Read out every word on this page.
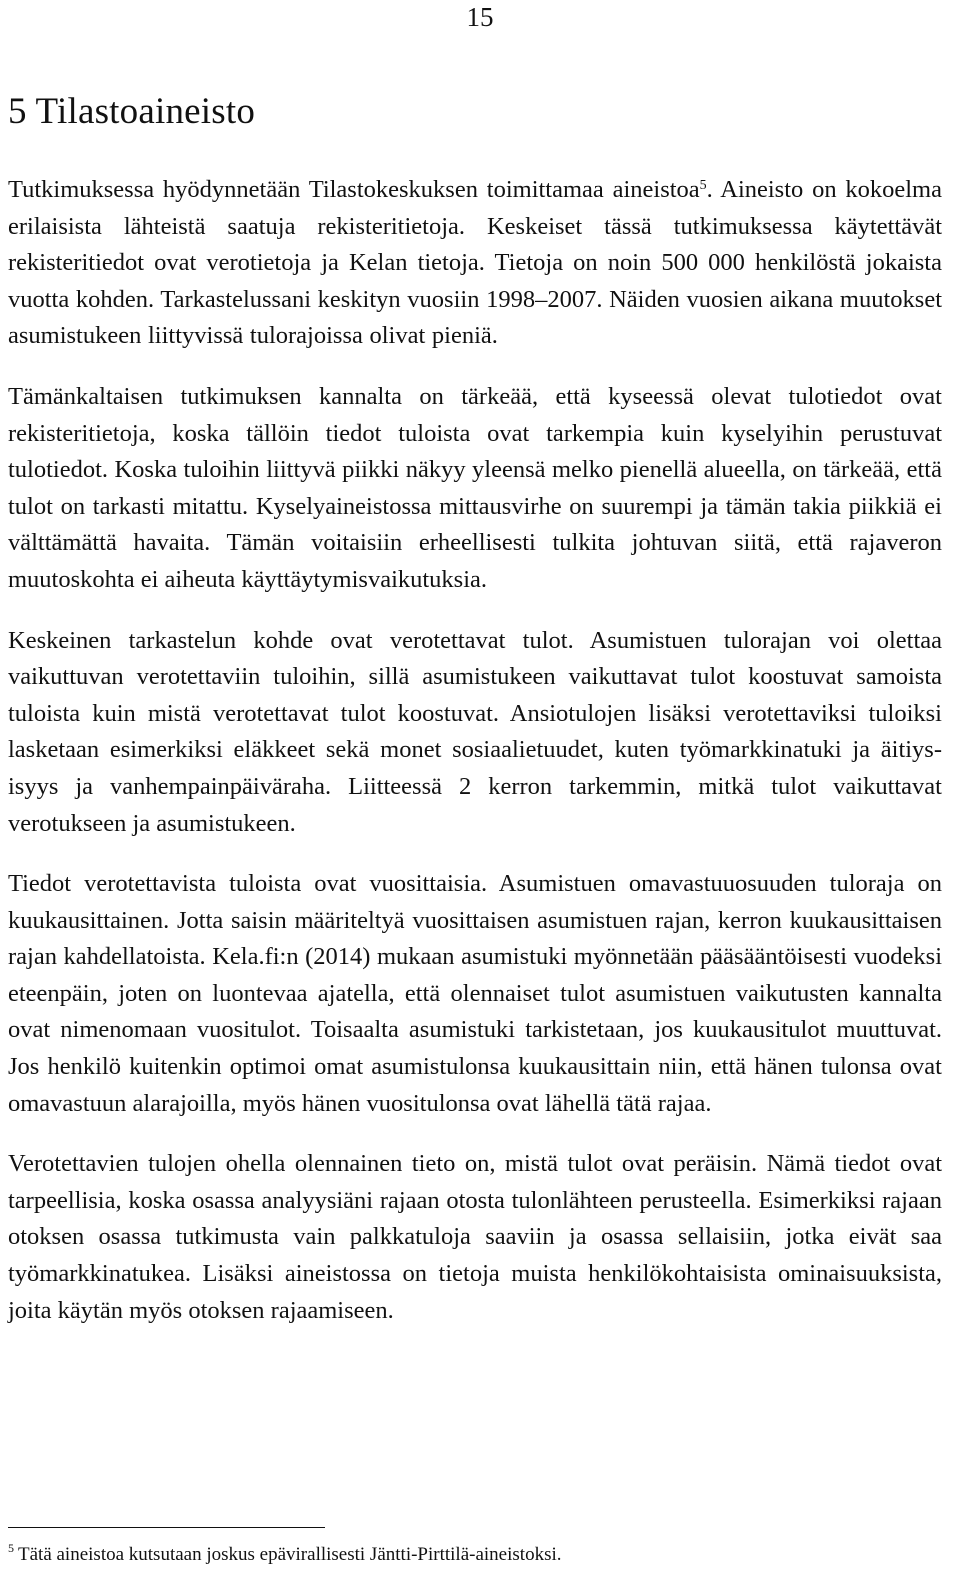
15
5 Tilastoaineisto

Tutkimuksessa hyödynnetään Tilastokeskuksen toimittamaa aineistoa$^5$. Aineisto on kokoelma erilaisista lähteistä saatuja rekisteritietoja. Keskeiset tässä tutkimuksessa käytettävät rekisteritiedot ovat verotietoja ja Kelan tietoja. Tietoja on noin 500 000 henkilöstä jokaista vuotta kohden. Tarkastelussani keskityn vuosiin 1998–2007. Näiden vuosien aikana muutokset asumistukeen liittyvissä tulorajoissa olivat pieniä.

Tämänkaltaisen tutkimuksen kannalta on tärkeää, että kyseessä olevat tulotiedot ovat rekisteritietoja, koska tällöin tiedot tuloista ovat tarkempia kuin kyselyihin perustuvat tulotiedot. Koska tuloihin liittyvä piikki näkyy yleensä melko pienellä alueella, on tärkeää, että tulot on tarkasti mitattu. Kyselyaineistossa mittausvirhe on suurempi ja tämän takia piikkiä ei välttämättä havaita. Tämän voitaisiin erheellisesti tulkita johtuvan siitä, että rajaveron muutoskohta ei aiheuta käyttäytymisvaikutuksia.

Keskeinen tarkastelun kohde ovat verotettavat tulot. Asumistuen tulorajan voi olettaa vaikuttuvan verotettaviin tuloihin, sillä asumistukeen vaikuttavat tulot koostuvat samoista tuloista kuin mistä verotettavat tulot koostuvat. Ansiotulojen lisäksi verotettaviksi tuloiksi lasketaan esimerkiksi eläkkeet sekä monet sosiaalietuudet, kuten työmarkkinatuki ja äitiys- isyys ja vanhempainpäiväraha. Liitteessä 2 kerron tarkemmin, mitkä tulot vaikuttavat verotukseen ja asumistukeen.

Tiedot verotettavista tuloista ovat vuosittaisia. Asumistuen omavastuuosuuden tuloraja on kuukausittainen. Jotta saisin määriteltyä vuosittaisen asumistuen rajan, kerron kuukausittaisen rajan kahdellatoista. Kela.fi:n (2014) mukaan asumistuki myönnetään pääsääntöisesti vuodeksi eteenpäin, joten on luontevaa ajatella, että olennaiset tulot asumistuen vaikutusten kannalta ovat nimenomaan vuositulot. Toisaalta asumistuki tarkistetaan, jos kuukausitulot muuttuvat. Jos henkilö kuitenkin optimoi omat asumistulonsa kuukausittain niin, että hänen tulonsa ovat omavastuun alarajoilla, myös hänen vuositulonsa ovat lähellä tätä rajaa.

Verotettavien tulojen ohella olennainen tieto on, mistä tulot ovat peräisin. Nämä tiedot ovat tarpeellisia, koska osassa analyysiäni rajaan otosta tulonlähteen perusteella. Esimerkiksi rajaan otoksen osassa tutkimusta vain palkkatuloja saaviin ja osassa sellaisiin, jotka eivät saa työmarkkinatukea. Lisäksi aineistossa on tietoja muista henkilökohtaisista ominaisuuksista, joita käytän myös otoksen rajaamiseen.

$^5$ Tätä aineistoa kutsutaan joskus epävirallisesti Jäntti-Pirttilä-aineistoksi.
